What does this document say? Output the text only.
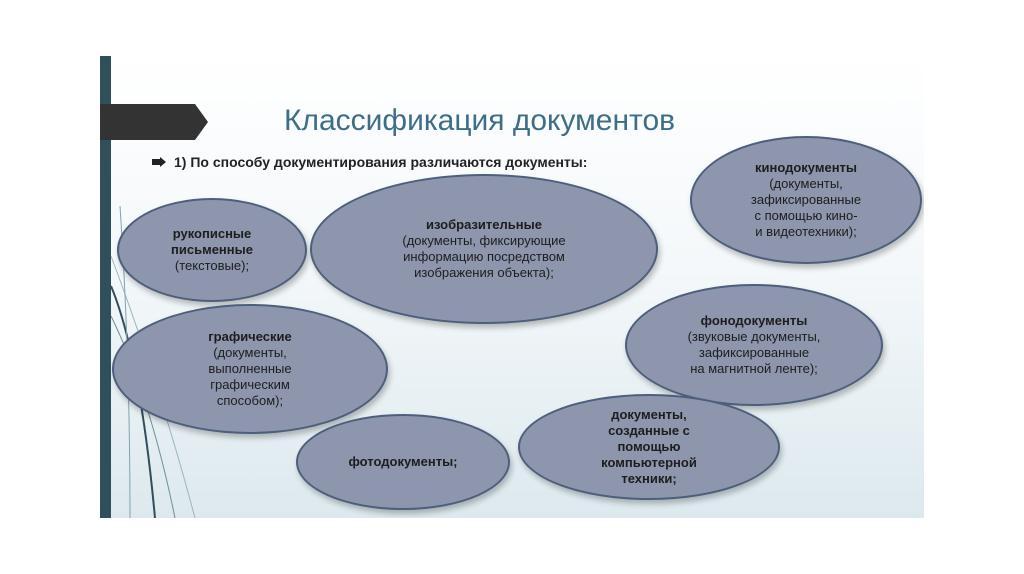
Классификация документов
1) По способу документирования различаются документы:
рукописные
письменные
(текстовые);
изобразительные
(документы, фиксирующие
информацию посредством
изображения объекта);
кинодокументы
(документы,
зафиксированные
с помощью кино-
и видеотехники);
графические
(документы,
выполненные
графическим
способом);
фонодокументы
(звуковые документы,
зафиксированные
на магнитной ленте);
фотодокументы;
документы,
созданные с
помощью
компьютерной
техники;
